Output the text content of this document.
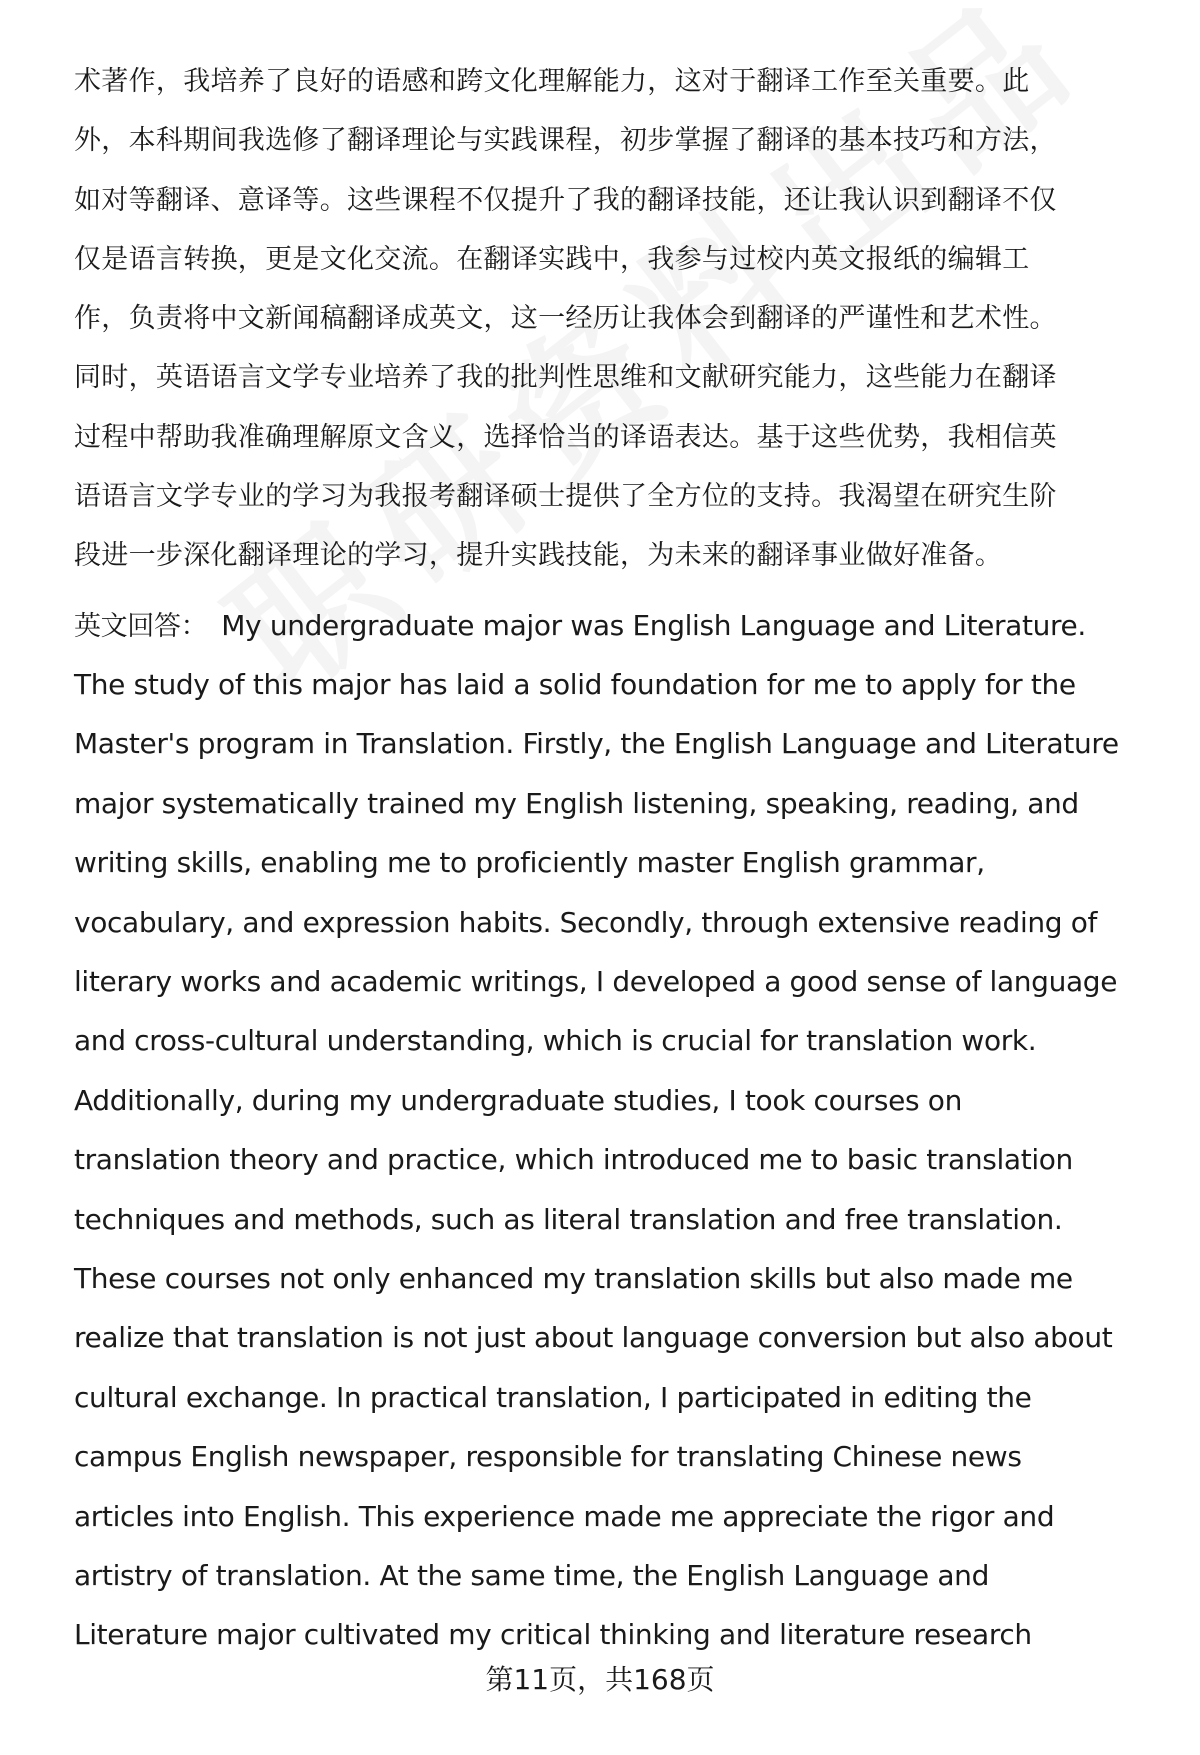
术著作，我培养了良好的语感和跨文化理解能力，这对于翻译工作至关重要。此
外，本科期间我选修了翻译理论与实践课程，初步掌握了翻译的基本技巧和方法，
如对等翻译、意译等。这些课程不仅提升了我的翻译技能，还让我认识到翻译不仅
仅是语言转换，更是文化交流。在翻译实践中，我参与过校内英文报纸的编辑工
作，负责将中文新闻稿翻译成英文，这一经历让我体会到翻译的严谨性和艺术性。
同时，英语语言文学专业培养了我的批判性思维和文献研究能力，这些能力在翻译
过程中帮助我准确理解原文含义，选择恰当的译语表达。基于这些优势，我相信英
语语言文学专业的学习为我报考翻译硕士提供了全方位的支持。我渴望在研究生阶
段进一步深化翻译理论的学习，提升实践技能，为未来的翻译事业做好准备。
英文回答： My undergraduate major was English Language and Literature.
The study of this major has laid a solid foundation for me to apply for the
Master's program in Translation. Firstly, the English Language and Literature
major systematically trained my English listening, speaking, reading, and
writing skills, enabling me to proficiently master English grammar,
vocabulary, and expression habits. Secondly, through extensive reading of
literary works and academic writings, I developed a good sense of language
and cross-cultural understanding, which is crucial for translation work.
Additionally, during my undergraduate studies, I took courses on
translation theory and practice, which introduced me to basic translation
techniques and methods, such as literal translation and free translation.
These courses not only enhanced my translation skills but also made me
realize that translation is not just about language conversion but also about
cultural exchange. In practical translation, I participated in editing the
campus English newspaper, responsible for translating Chinese news
articles into English. This experience made me appreciate the rigor and
artistry of translation. At the same time, the English Language and
Literature major cultivated my critical thinking and literature research
第11页，共168页
